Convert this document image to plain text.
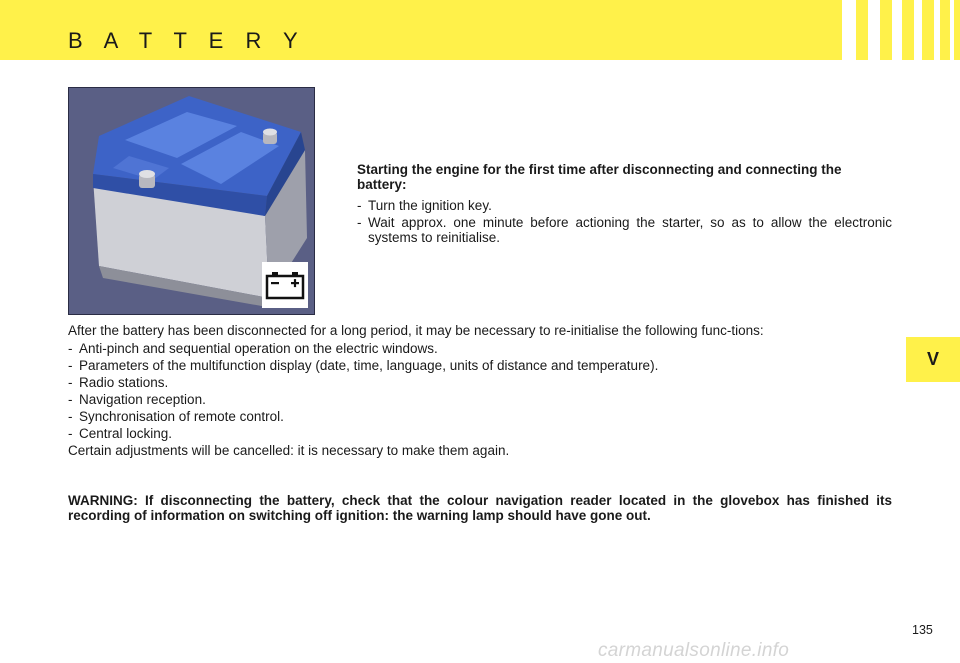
B A T T E R Y
V

Starting the engine for the first time after disconnecting and connecting the battery:

- Turn the ignition key.
- Wait approx. one minute before actioning the starter, so as to allow the electronic systems to reinitialise.

After the battery has been disconnected for a long period, it may be necessary to re-initialise the following func-tions:

- Anti-pinch and sequential operation on the electric windows.
- Parameters of the multifunction display (date, time, language, units of distance and temperature).
- Radio stations.
- Navigation reception.
- Synchronisation of remote control.
- Central locking.

Certain adjustments will be cancelled: it is necessary to make them again.

WARNING: If disconnecting the battery, check that the colour navigation reader located in the glovebox has finished its recording of information on switching off ignition: the warning lamp should have gone out.

135
carmanualsonline.info
